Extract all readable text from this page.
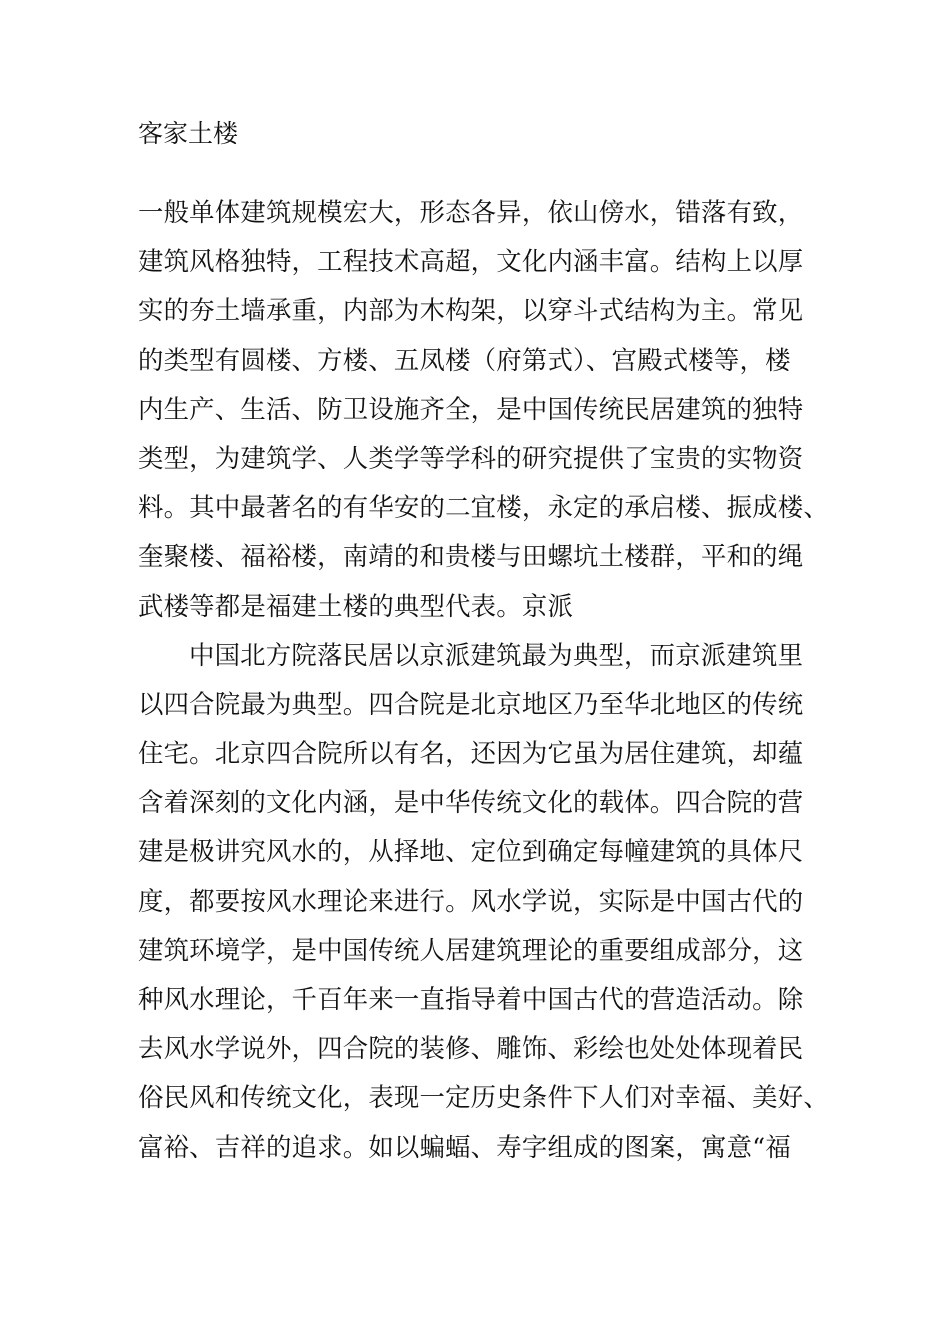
客家土楼
一般单体建筑规模宏大，形态各异，依山傍水，错落有致，
建筑风格独特，工程技术高超，文化内涵丰富。结构上以厚
实的夯土墙承重，内部为木构架，以穿斗式结构为主。常见
的类型有圆楼、方楼、五凤楼（府第式）、宫殿式楼等，楼
内生产、生活、防卫设施齐全，是中国传统民居建筑的独特
类型，为建筑学、人类学等学科的研究提供了宝贵的实物资
料。其中最著名的有华安的二宜楼，永定的承启楼、振成楼、
奎聚楼、福裕楼，南靖的和贵楼与田螺坑土楼群，平和的绳
武楼等都是福建土楼的典型代表。京派
中国北方院落民居以京派建筑最为典型，而京派建筑里
以四合院最为典型。四合院是北京地区乃至华北地区的传统
住宅。北京四合院所以有名，还因为它虽为居住建筑，却蕴
含着深刻的文化内涵，是中华传统文化的载体。四合院的营
建是极讲究风水的，从择地、定位到确定每幢建筑的具体尺
度，都要按风水理论来进行。风水学说，实际是中国古代的
建筑环境学，是中国传统人居建筑理论的重要组成部分，这
种风水理论，千百年来一直指导着中国古代的营造活动。除
去风水学说外，四合院的装修、雕饰、彩绘也处处体现着民
俗民风和传统文化，表现一定历史条件下人们对幸福、美好、
富裕、吉祥的追求。如以蝙蝠、寿字组成的图案，寓意“福
